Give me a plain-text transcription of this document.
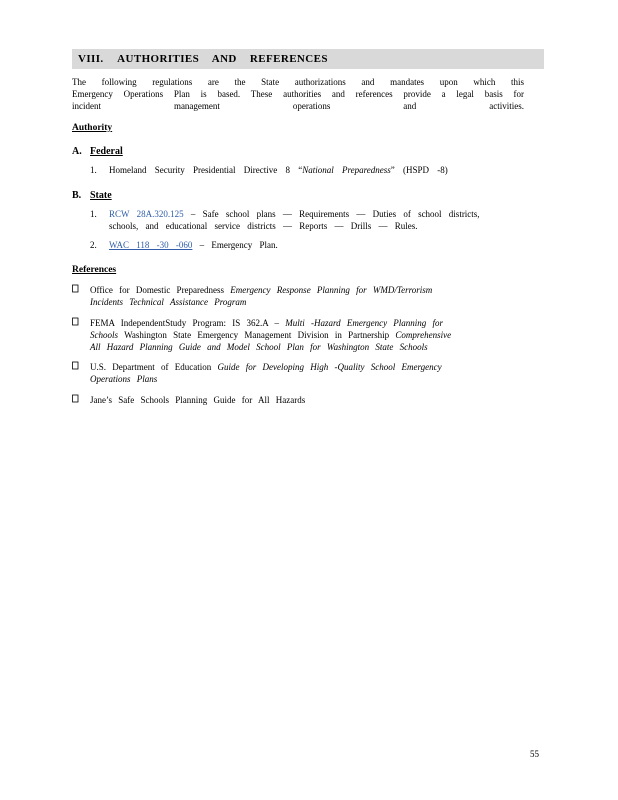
VIII. AUTHORITIES AND REFERENCES
The following regulations are the State authorizations and mandates upon which this
Emergency Operations Plan is based. These authorities and references provide a legal basis for
incident management operations and activities.
Authority
A. Federal
1. Homeland Security Presidential Directive 8 “National Preparedness” (HSPD -8)
B. State
1. RCW 28A.320.125 – Safe school plans — Requirements — Duties of school districts,
schools, and educational service districts — Reports — Drills — Rules.
2. WAC 118 -30 -060 – Emergency Plan.
References
Office for Domestic Preparedness Emergency Response Planning for WMD/Terrorism
Incidents Technical Assistance Program
FEMA IndependentStudy Program: IS 362.A – Multi -Hazard Emergency Planning for
Schools Washington State Emergency Management Division in Partnership Comprehensive
All Hazard Planning Guide and Model School Plan for Washington State Schools
U.S. Department of Education Guide for Developing High -Quality School Emergency
Operations Plans
Jane’s Safe Schools Planning Guide for All Hazards
55
